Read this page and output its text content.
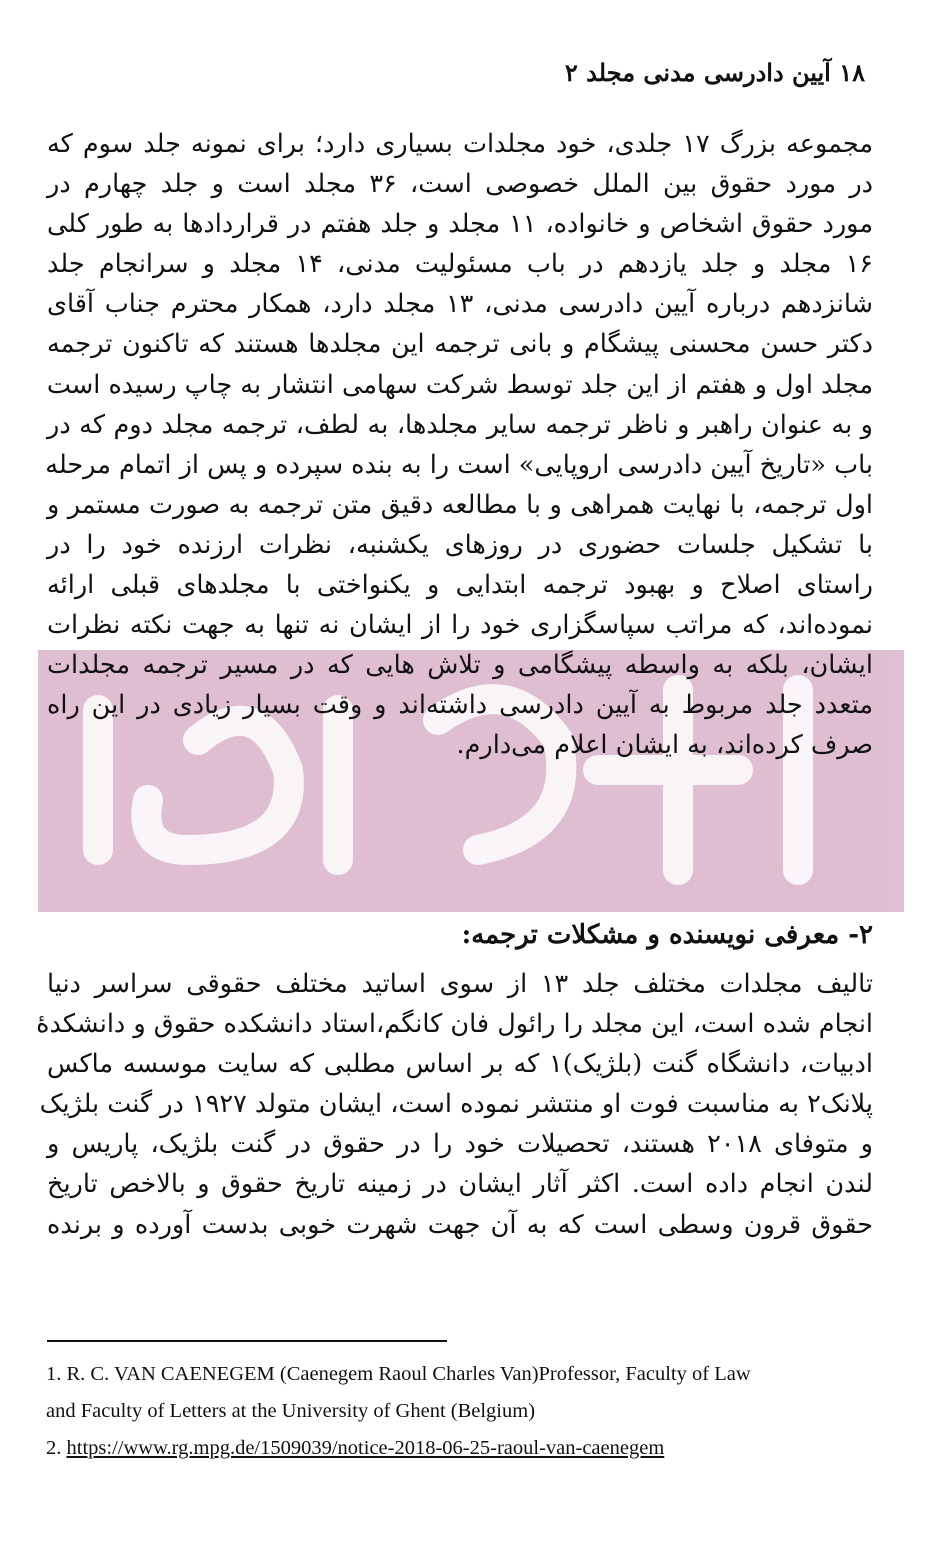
۱۸ آیین دادرسی مدنی مجلد ۲
مجموعه بزرگ ۱۷ جلدی، خود مجلدات بسیاری دارد؛ برای نمونه جلد سوم که
در مورد حقوق بین الملل خصوصی است، ۳۶ مجلد است و جلد چهارم در
مورد حقوق اشخاص و خانواده، ۱۱ مجلد و جلد هفتم در قراردادها به طور کلی
۱۶ مجلد و جلد یازدهم در باب مسئولیت مدنی، ۱۴ مجلد و سرانجام جلد
شانزدهم درباره آیین دادرسی مدنی، ۱۳ مجلد دارد، همکار محترم جناب آقای
دکتر حسن محسنی پیشگام و بانی ترجمه این مجلدها هستند که تاکنون ترجمه
مجلد اول و هفتم از این جلد توسط شرکت سهامی انتشار به چاپ رسیده است
و به عنوان راهبر و ناظر ترجمه سایر مجلدها، به لطف، ترجمه مجلد دوم که در
باب «تاریخ آیین دادرسی اروپایی» است را به بنده سپرده و پس از اتمام مرحله
اول ترجمه، با نهایت همراهی و با مطالعه دقیق متن ترجمه به صورت مستمر و
با تشکیل جلسات حضوری در روزهای یکشنبه، نظرات ارزنده خود را در
راستای اصلاح و بهبود ترجمه ابتدایی و یکنواختی با مجلدهای قبلی ارائه
نموده‌اند، که مراتب سپاسگزاری خود را از ایشان نه تنها به جهت نکته نظرات
ایشان، بلکه به واسطه پیشگامی و تلاش هایی که در مسیر ترجمه مجلدات
متعدد جلد مربوط به آیین دادرسی داشته‌اند و وقت بسیار زیادی در این راه
صرف کرده‌اند، به ایشان اعلام می‌دارم.
۲- معرفی نویسنده و مشکلات ترجمه:
تالیف مجلدات مختلف جلد ۱۳ از سوی اساتید مختلف حقوقی سراسر دنیا
انجام شده است، این مجلد را رائول فان کانگم،استاد دانشکده حقوق و دانشکدهٔ
ادبیات، دانشگاه گنت (بلژیک)۱ که بر اساس مطلبی که سایت موسسه ماکس
پلانک۲ به مناسبت فوت او منتشر نموده است، ایشان متولد ۱۹۲۷ در گنت بلژیک
و متوفای ۲۰۱۸ هستند، تحصیلات خود را در حقوق در گنت بلژیک، پاریس و
لندن انجام داده است. اکثر آثار ایشان در زمینه تاریخ حقوق و بالاخص تاریخ
حقوق قرون وسطی است که به آن جهت شهرت خوبی بدست آورده و برنده
1. R. C. VAN CAENEGEM (Caenegem Raoul Charles Van)Professor, Faculty of Law
and Faculty of Letters at the University of Ghent (Belgium)
2. https://www.rg.mpg.de/1509039/notice-2018-06-25-raoul-van-caenegem
